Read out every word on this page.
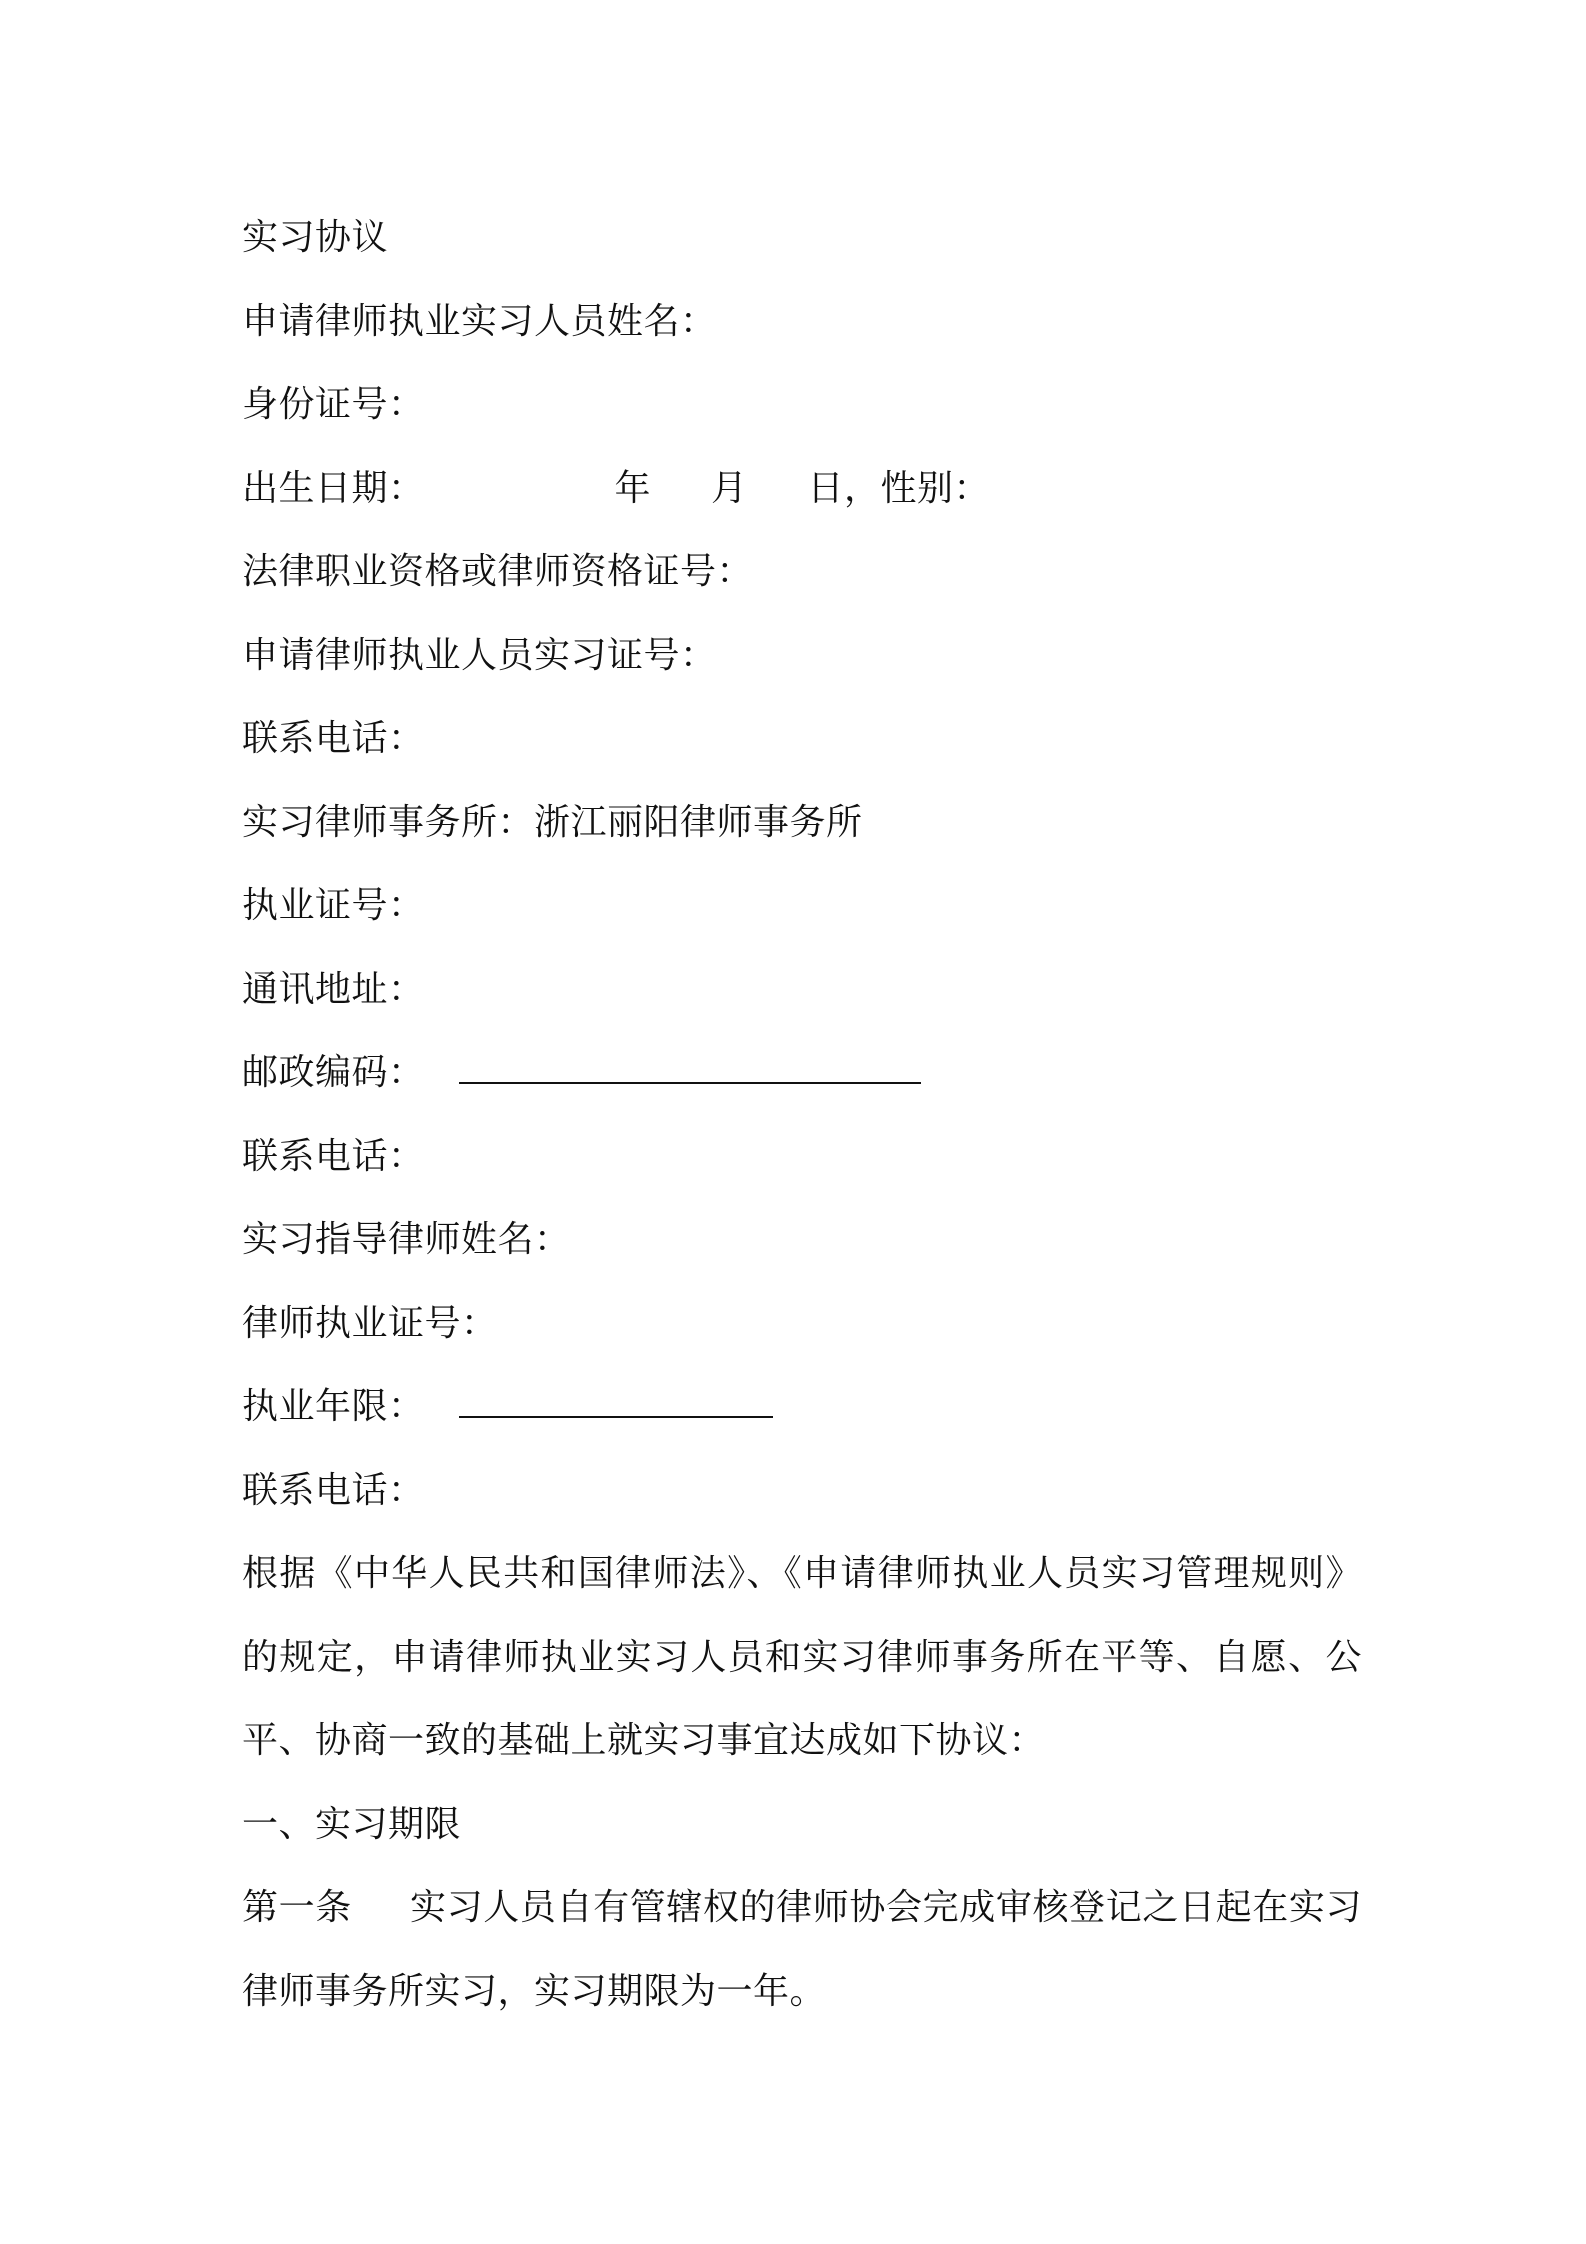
实习协议
申请律师执业实习人员姓名：
身份证号：
出生日期：	年 月 日，性别：
法律职业资格或律师资格证号：
申请律师执业人员实习证号：
联系电话：
实习律师事务所：浙江丽阳律师事务所
执业证号：
通讯地址：
邮政编码：
联系电话：
实习指导律师姓名：
律师执业证号：
执业年限：
联系电话：
根据《中华人民共和国律师法》、《申请律师执业人员实习管理规则》的规定，申请律师执业实习人员和实习律师事务所在平等、自愿、公平、协商一致的基础上就实习事宜达成如下协议：
一、实习期限
第一条 实习人员自有管辖权的律师协会完成审核登记之日起在实习律师事务所实习，实习期限为一年。
